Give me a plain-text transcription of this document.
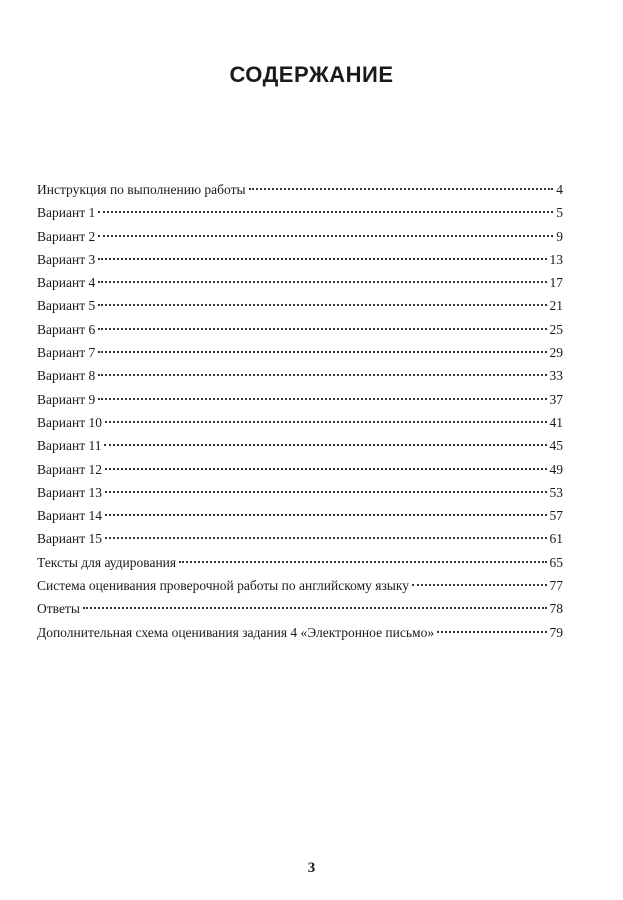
СОДЕРЖАНИЕ
Инструкция по выполнению работы	4
Вариант 1	5
Вариант 2	9
Вариант 3	13
Вариант 4	17
Вариант 5	21
Вариант 6	25
Вариант 7	29
Вариант 8	33
Вариант 9	37
Вариант 10	41
Вариант 11	45
Вариант 12	49
Вариант 13	53
Вариант 14	57
Вариант 15	61
Тексты для аудирования	65
Система оценивания проверочной работы по английскому языку	77
Ответы	78
Дополнительная схема оценивания задания 4 «Электронное письмо»	79
3
